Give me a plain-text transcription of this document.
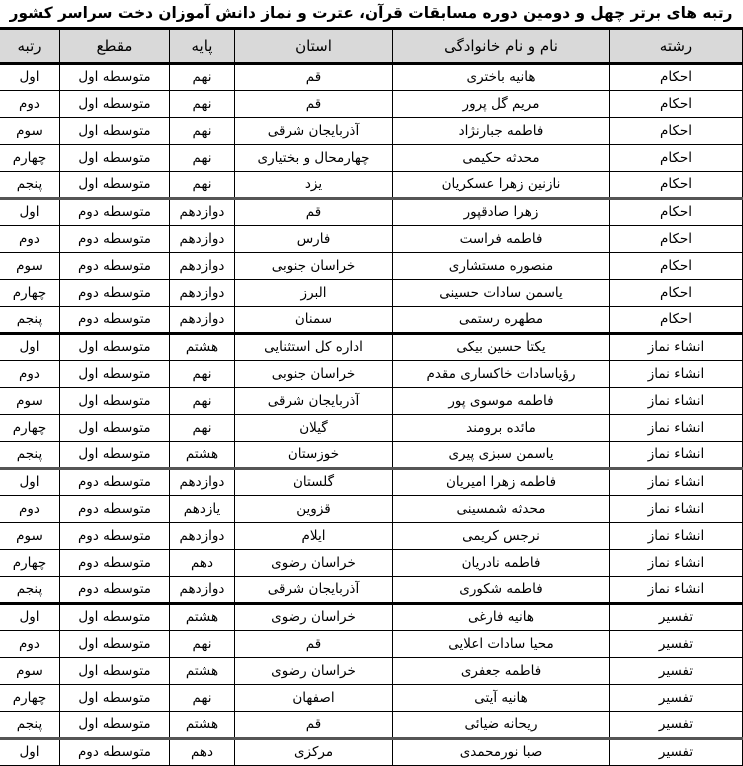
رتبه های برتر چهل و دومین دوره مسابقات قرآن، عترت و نماز دانش آموزان دخت سراسر کشور
رشته	نام و نام خانوادگی	استان	پایه	مقطع	رتبه
احکام	هانیه باختری	قم	نهم	متوسطه اول	اول
احکام	مریم گل پرور	قم	نهم	متوسطه اول	دوم
احکام	فاطمه جبارنژاد	آذربایجان شرقی	نهم	متوسطه اول	سوم
احکام	محدثه حکیمی	چهارمحال و بختیاری	نهم	متوسطه اول	چهارم
احکام	نازنین زهرا عسکریان	یزد	نهم	متوسطه اول	پنجم
احکام	زهرا صادقپور	قم	دوازدهم	متوسطه دوم	اول
احکام	فاطمه فراست	فارس	دوازدهم	متوسطه دوم	دوم
احکام	منصوره مستشاری	خراسان جنوبی	دوازدهم	متوسطه دوم	سوم
احکام	یاسمن سادات حسینی	البرز	دوازدهم	متوسطه دوم	چهارم
احکام	مطهره رستمی	سمنان	دوازدهم	متوسطه دوم	پنجم
انشاء نماز	یکتا حسین بیکی	اداره کل استثنایی	هشتم	متوسطه اول	اول
انشاء نماز	رؤیاسادات خاکساری مقدم	خراسان جنوبی	نهم	متوسطه اول	دوم
انشاء نماز	فاطمه موسوی پور	آذربایجان شرقی	نهم	متوسطه اول	سوم
انشاء نماز	مائده برومند	گیلان	نهم	متوسطه اول	چهارم
انشاء نماز	یاسمن سبزی پیری	خوزستان	هشتم	متوسطه اول	پنجم
انشاء نماز	فاطمه زهرا امیریان	گلستان	دوازدهم	متوسطه دوم	اول
انشاء نماز	محدثه شمسینی	قزوین	یازدهم	متوسطه دوم	دوم
انشاء نماز	نرجس کریمی	ایلام	دوازدهم	متوسطه دوم	سوم
انشاء نماز	فاطمه نادریان	خراسان رضوی	دهم	متوسطه دوم	چهارم
انشاء نماز	فاطمه شکوری	آذربایجان شرقی	دوازدهم	متوسطه دوم	پنجم
تفسیر	هانیه فارغی	خراسان رضوی	هشتم	متوسطه اول	اول
تفسیر	محیا سادات اعلایی	قم	نهم	متوسطه اول	دوم
تفسیر	فاطمه جعفری	خراسان رضوی	هشتم	متوسطه اول	سوم
تفسیر	هانیه آیتی	اصفهان	نهم	متوسطه اول	چهارم
تفسیر	ریحانه ضیائی	قم	هشتم	متوسطه اول	پنجم
تفسیر	صبا نورمحمدی	مرکزی	دهم	متوسطه دوم	اول
